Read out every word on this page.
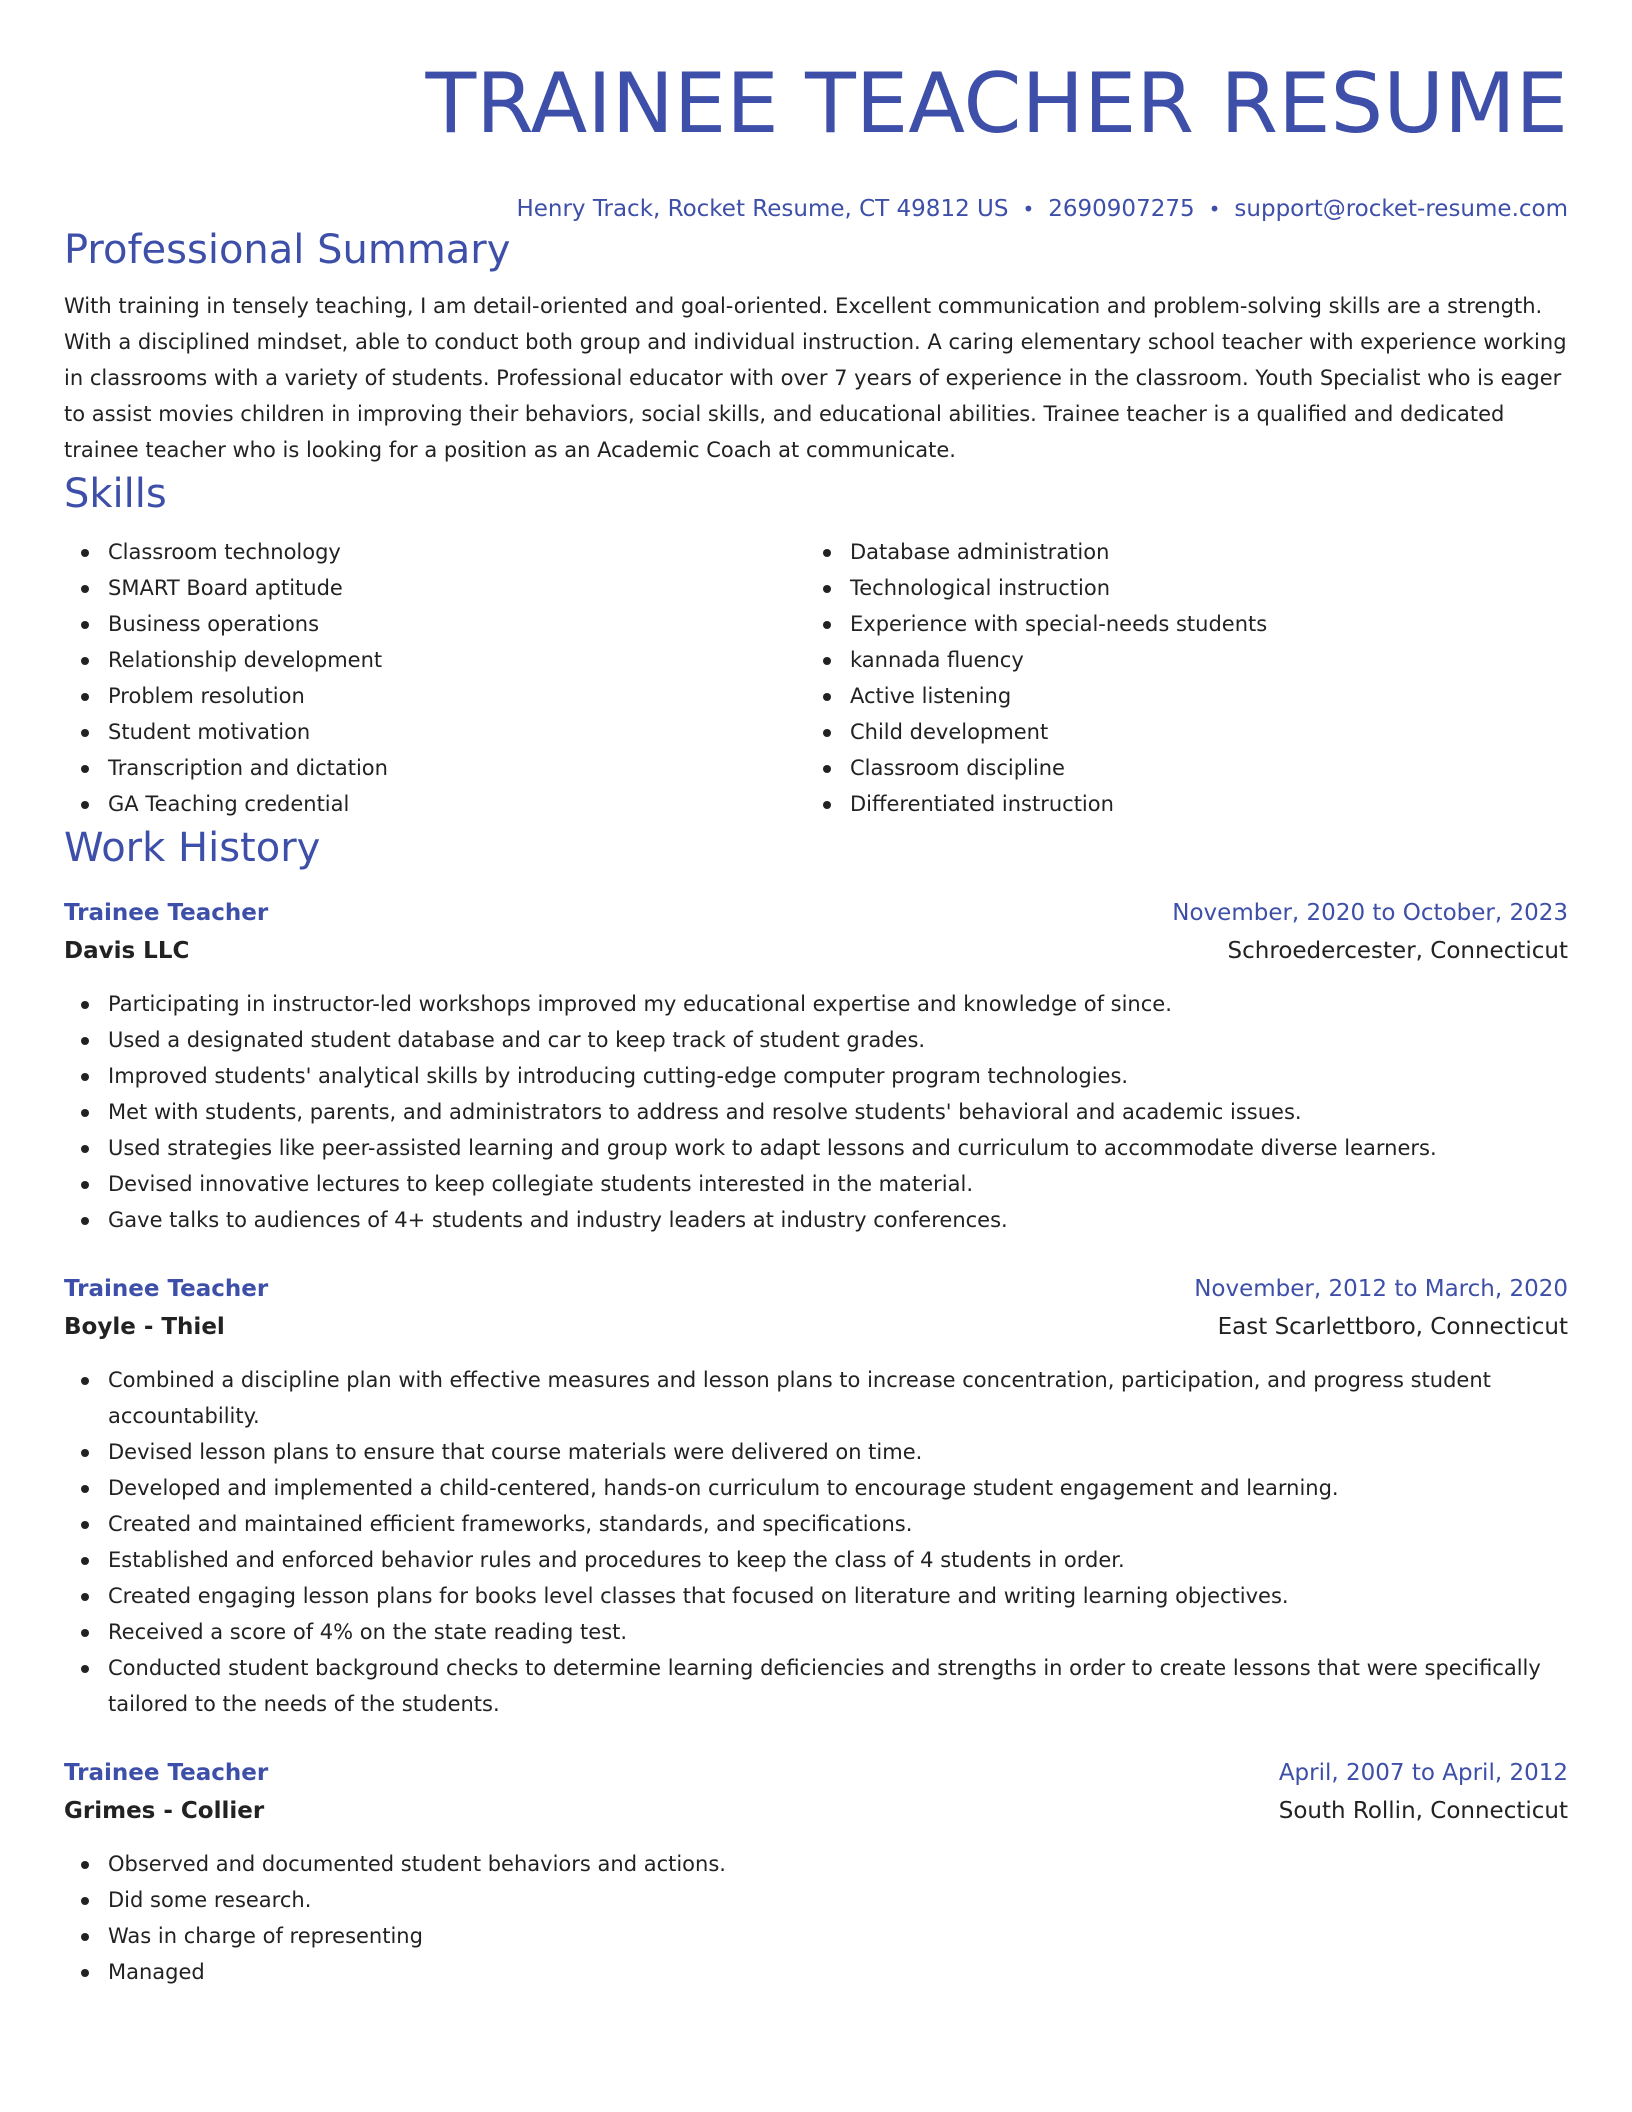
TRAINEE TEACHER RESUME
Henry Track, Rocket Resume, CT 49812 US • 2690907275 • support@rocket-resume.com
Professional Summary

With training in tensely teaching, I am detail-oriented and goal-oriented. Excellent communication and problem-solving skills are a strength. With a disciplined mindset, able to conduct both group and individual instruction. A caring elementary school teacher with experience working in classrooms with a variety of students. Professional educator with over 7 years of experience in the classroom. Youth Specialist who is eager to assist movies children in improving their behaviors, social skills, and educational abilities. Trainee teacher is a qualified and dedicated trainee teacher who is looking for a position as an Academic Coach at communicate.

Skills
Classroom technology
SMART Board aptitude
Business operations
Relationship development
Problem resolution
Student motivation
Transcription and dictation
GA Teaching credential
Database administration
Technological instruction
Experience with special-needs students
kannada fluency
Active listening
Child development
Classroom discipline
Differentiated instruction
Work History
Trainee Teacher	November, 2020 to October, 2023
Davis LLC	Schroedercester, Connecticut
Participating in instructor-led workshops improved my educational expertise and knowledge of since.
Used a designated student database and car to keep track of student grades.
Improved students' analytical skills by introducing cutting-edge computer program technologies.
Met with students, parents, and administrators to address and resolve students' behavioral and academic issues.
Used strategies like peer-assisted learning and group work to adapt lessons and curriculum to accommodate diverse learners.
Devised innovative lectures to keep collegiate students interested in the material.
Gave talks to audiences of 4+ students and industry leaders at industry conferences.
Trainee Teacher	November, 2012 to March, 2020
Boyle - Thiel	East Scarlettboro, Connecticut
Combined a discipline plan with effective measures and lesson plans to increase concentration, participation, and progress student accountability.
Devised lesson plans to ensure that course materials were delivered on time.
Developed and implemented a child-centered, hands-on curriculum to encourage student engagement and learning.
Created and maintained efficient frameworks, standards, and specifications.
Established and enforced behavior rules and procedures to keep the class of 4 students in order.
Created engaging lesson plans for books level classes that focused on literature and writing learning objectives.
Received a score of 4% on the state reading test.
Conducted student background checks to determine learning deficiencies and strengths in order to create lessons that were specifically tailored to the needs of the students.
Trainee Teacher	April, 2007 to April, 2012
Grimes - Collier	South Rollin, Connecticut
Observed and documented student behaviors and actions.
Did some research.
Was in charge of representing
Managed
